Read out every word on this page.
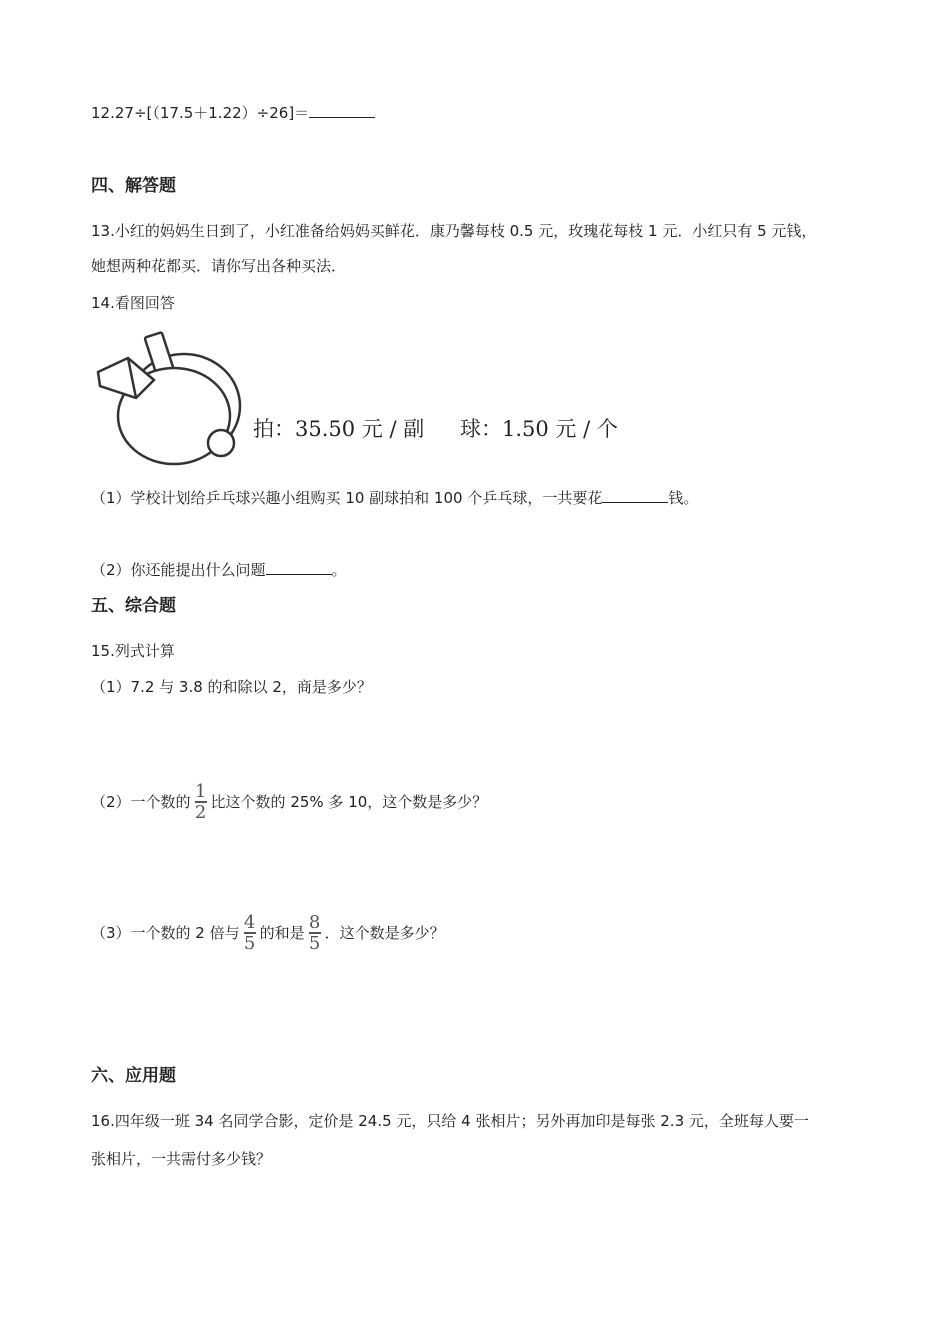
12.27÷[（17.5＋1.22）÷26]＝
四、解答题
13.小红的妈妈生日到了，小红准备给妈妈买鲜花．康乃馨每枝 0.5 元，玫瑰花每枝 1 元．小红只有 5 元钱，
她想两种花都买．请你写出各种买法．
14.看图回答
拍：35.50 元 / 副 球：1.50 元 / 个
（1）学校计划给乒乓球兴趣小组购买 10 副球拍和 100 个乒乓球，一共要花	钱。
（2）你还能提出什么问题	。
五、综合题
15.列式计算
（1）7.2 与 3.8 的和除以 2，商是多少？
（2）一个数的 $\frac{1}{2}$ 比这个数的 25% 多 10，这个数是多少？
（3）一个数的 2 倍与 $\frac{4}{5}$ 的和是 $\frac{8}{5}$ ．这个数是多少？
六、应用题
16.四年级一班 34 名同学合影，定价是 24.5 元，只给 4 张相片；另外再加印是每张 2.3 元，全班每人要一
张相片，一共需付多少钱？
